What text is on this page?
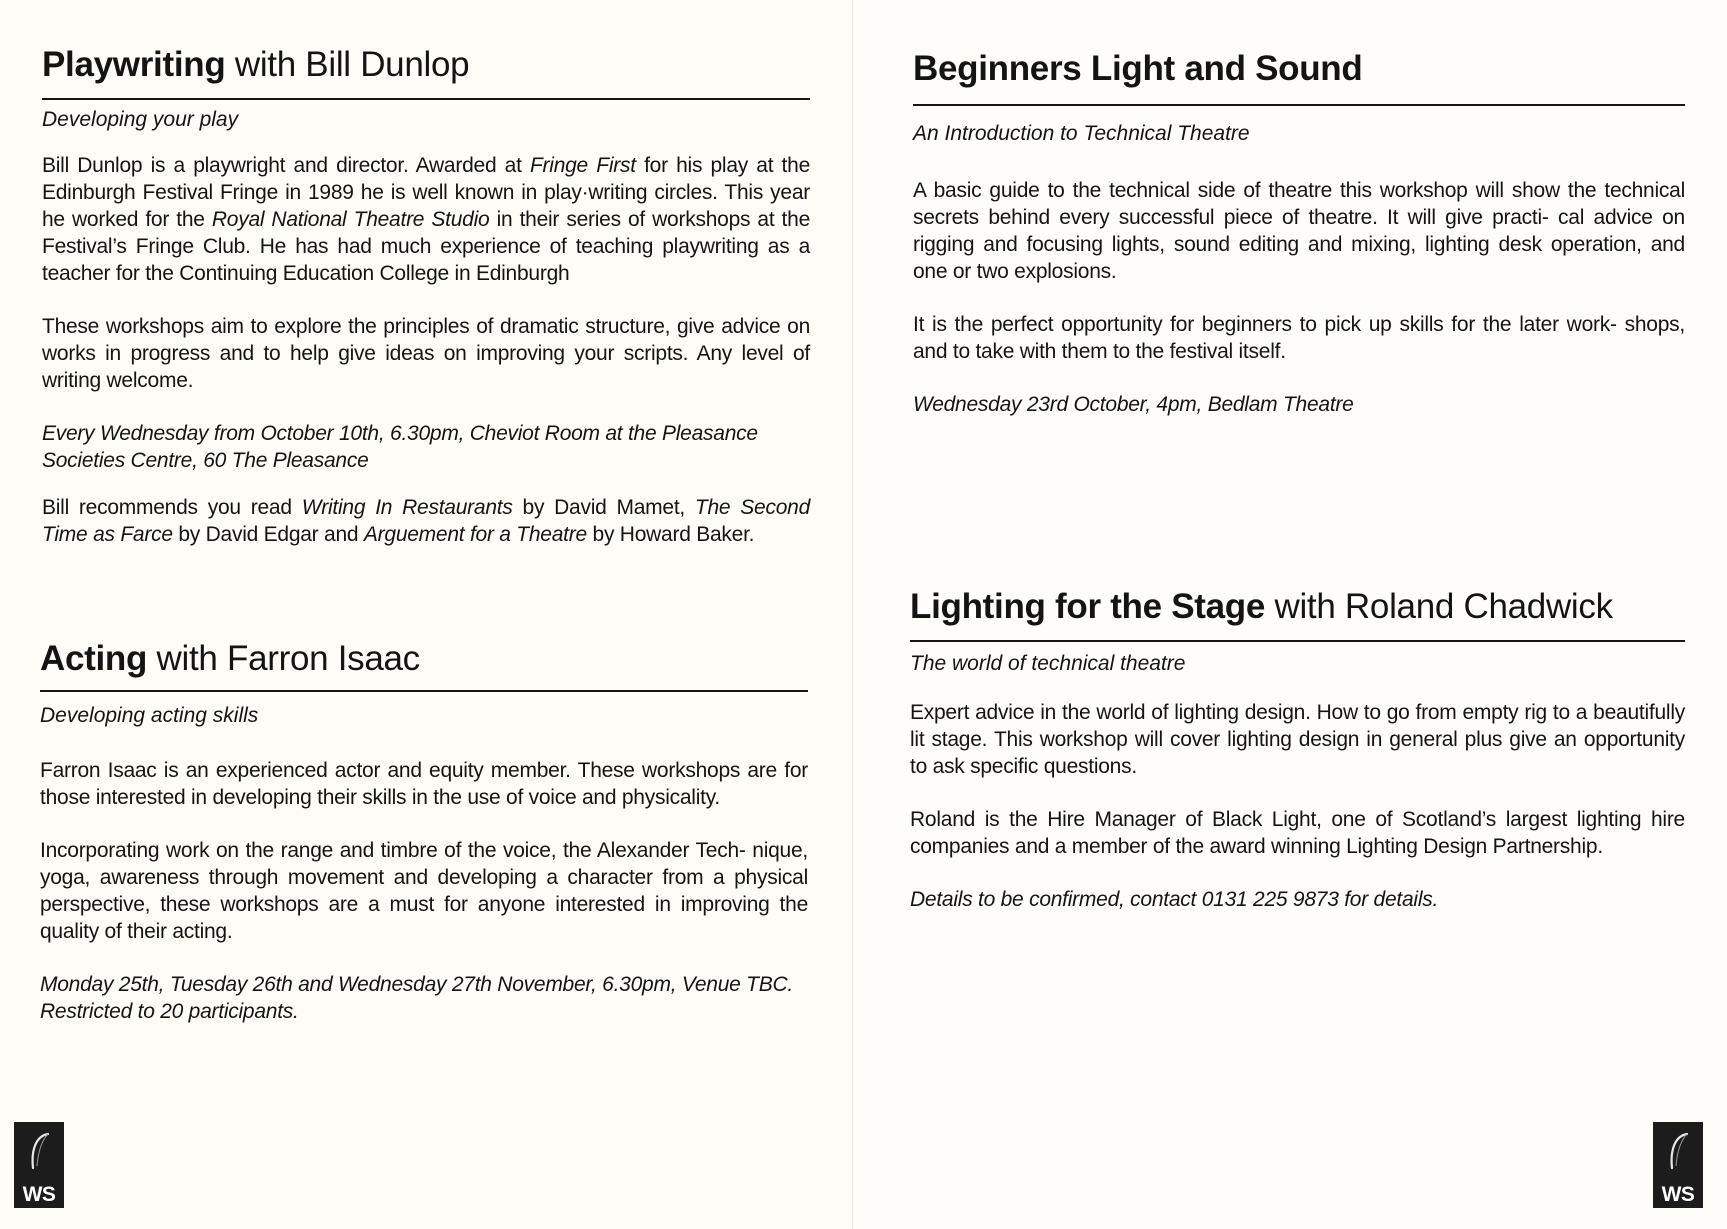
Playwriting with Bill Dunlop
Developing your play

Bill Dunlop is a playwright and director. Awarded at Fringe First for his play at the Edinburgh Festival Fringe in 1989 he is well known in play·writing circles. This year he worked for the Royal National Theatre Studio in their series of workshops at the Festival’s Fringe Club. He has had much experience of teaching playwriting as a teacher for the Continuing Education College in Edinburgh

These workshops aim to explore the principles of dramatic structure, give advice on works in progress and to help give ideas on improving your scripts. Any level of writing welcome.

Every Wednesday from October 10th, 6.30pm, Cheviot Room at the Pleasance Societies Centre, 60 The Pleasance

Bill recommends you read Writing In Restaurants by David Mamet, The Second Time as Farce by David Edgar and Arguement for a Theatre by Howard Baker.

Acting with Farron Isaac
Developing acting skills

Farron Isaac is an experienced actor and equity member. These workshops are for those interested in developing their skills in the use of voice and physicality.

Incorporating work on the range and timbre of the voice, the Alexander Tech- nique, yoga, awareness through movement and developing a character from a physical perspective, these workshops are a must for anyone interested in improving the quality of their acting.

Monday 25th, Tuesday 26th and Wednesday 27th November, 6.30pm, Venue TBC. Restricted to 20 participants.

WS
Beginners Light and Sound
An Introduction to Technical Theatre

A basic guide to the technical side of theatre this workshop will show the technical secrets behind every successful piece of theatre. It will give practi- cal advice on rigging and focusing lights, sound editing and mixing, lighting desk operation, and one or two explosions.

It is the perfect opportunity for beginners to pick up skills for the later work- shops, and to take with them to the festival itself.

Wednesday 23rd October, 4pm, Bedlam Theatre

Lighting for the Stage with Roland Chadwick
The world of technical theatre

Expert advice in the world of lighting design. How to go from empty rig to a beautifully lit stage. This workshop will cover lighting design in general plus give an opportunity to ask specific questions.

Roland is the Hire Manager of Black Light, one of Scotland’s largest lighting hire companies and a member of the award winning Lighting Design Partnership.

Details to be confirmed, contact 0131 225 9873 for details.

WS
